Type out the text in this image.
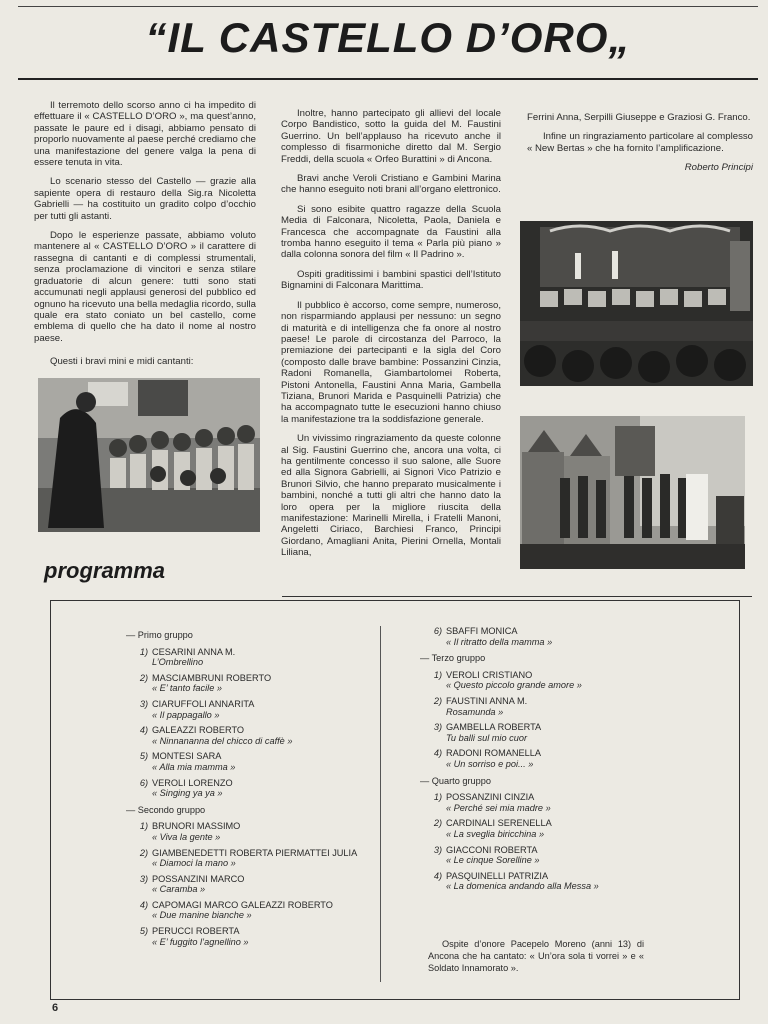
“IL CASTELLO D’ORO„

Il terremoto dello scorso anno ci ha impedito di effettuare il « CASTELLO D’ORO », ma quest’anno, passate le paure ed i disagi, abbiamo pensato di proporlo nuovamente al paese perché crediamo che una manifestazione del genere valga la pena di essere tenuta in vita.

Lo scenario stesso del Castello — grazie alla sapiente opera di restauro della Sig.ra Nicoletta Gabrielli — ha costituito un gradito colpo d’occhio per tutti gli astanti.

Dopo le esperienze passate, abbiamo voluto mantenere al « CASTELLO D’ORO » il carattere di rassegna di cantanti e di complessi strumentali, senza proclamazione di vincitori e senza stilare graduatorie di alcun genere: tutti sono stati accumunati negli applausi generosi del pubblico ed ognuno ha ricevuto una bella medaglia ricordo, sulla quale era stato coniato un bel castello, come emblema di quello che ha dato il nome al nostro paese.

Questi i bravi mini e midi cantanti:

Inoltre, hanno partecipato gli allievi del locale Corpo Bandistico, sotto la guida del M. Faustini Guerrino. Un bell’applauso ha ricevuto anche il complesso di fisarmoniche diretto dal M. Sergio Freddi, della scuola « Orfeo Burattini » di Ancona.

Bravi anche Veroli Cristiano e Gambini Marina che hanno eseguito noti brani all’organo elettronico.

Si sono esibite quattro ragazze della Scuola Media di Falconara, Nicoletta, Paola, Daniela e Francesca che accompagnate da Faustini alla tromba hanno eseguito il tema « Parla più piano » dalla colonna sonora del film « Il Padrino ».

Ospiti graditissimi i bambini spastici dell’Istituto Bignamini di Falconara Marittima.

Il pubblico è accorso, come sempre, numeroso, non risparmiando applausi per nessuno: un segno di maturità e di intelligenza che fa onore al nostro paese! Le parole di circostanza del Parroco, la premiazione dei partecipanti e la sigla del Coro (composto dalle brave bambine: Possanzini Cinzia, Radoni Romanella, Giambartolomei Roberta, Pistoni Antonella, Faustini Anna Maria, Gambella Tiziana, Brunori Marida e Pasquinelli Patrizia) che ha accompagnato tutte le esecuzioni hanno chiuso la manifestazione tra la soddisfazione generale.

Un vivissimo ringraziamento da queste colonne al Sig. Faustini Guerrino che, ancora una volta, ci ha gentilmente concesso il suo salone, alle Suore ed alla Signora Gabrielli, ai Signori Vico Patrizio e Brunori Silvio, che hanno preparato musicalmente i bambini, nonché a tutti gli altri che hanno dato la loro opera per la migliore riuscita della manifestazione: Marinelli Mirella, i Fratelli Manoni, Angeletti Ciriaco, Barchiesi Franco, Principi Giordano, Amagliani Anita, Pierini Ornella, Montali Liliana,

Ferrini Anna, Serpilli Giuseppe e Graziosi G. Franco.

Infine un ringraziamento particolare al complesso « New Bertas » che ha fornito l’amplificazione.

Roberto Principi

programma
— Primo gruppo
1) CESARINI ANNA M.
L’Ombrellino
2) MASCIAMBRUNI ROBERTO
« E’ tanto facile »
3) CIARUFFOLI ANNARITA
« Il pappagallo »
4) GALEAZZI ROBERTO
« Ninnananna del chicco di caffè »
5) MONTESI SARA
« Alla mia mamma »
6) VEROLI LORENZO
« Singing ya ya »
— Secondo gruppo
1) BRUNORI MASSIMO
« Viva la gente »
2) GIAMBENEDETTI ROBERTA PIERMATTEI JULIA
« Diamoci la mano »
3) POSSANZINI MARCO
« Caramba »
4) CAPOMAGI MARCO GALEAZZI ROBERTO
« Due manine bianche »
5) PERUCCI ROBERTA
« E’ fuggito l’agnellino »
6) SBAFFI MONICA
« Il ritratto della mamma »
— Terzo gruppo
1) VEROLI CRISTIANO
« Questo piccolo grande amore »
2) FAUSTINI ANNA M.
Rosamunda »
3) GAMBELLA ROBERTA
Tu balli sul mio cuor
4) RADONI ROMANELLA
« Un sorriso e poi... »
— Quarto gruppo
1) POSSANZINI CINZIA
« Perché sei mia madre »
2) CARDINALI SERENELLA
« La sveglia biricchina »
3) GIACCONI ROBERTA
« Le cinque Sorelline »
4) PASQUINELLI PATRIZIA
« La domenica andando alla Messa »

Ospite d’onore Pacepelo Moreno (anni 13) di Ancona che ha cantato: « Un’ora sola ti vorrei » e « Soldato Innamorato ».

6
